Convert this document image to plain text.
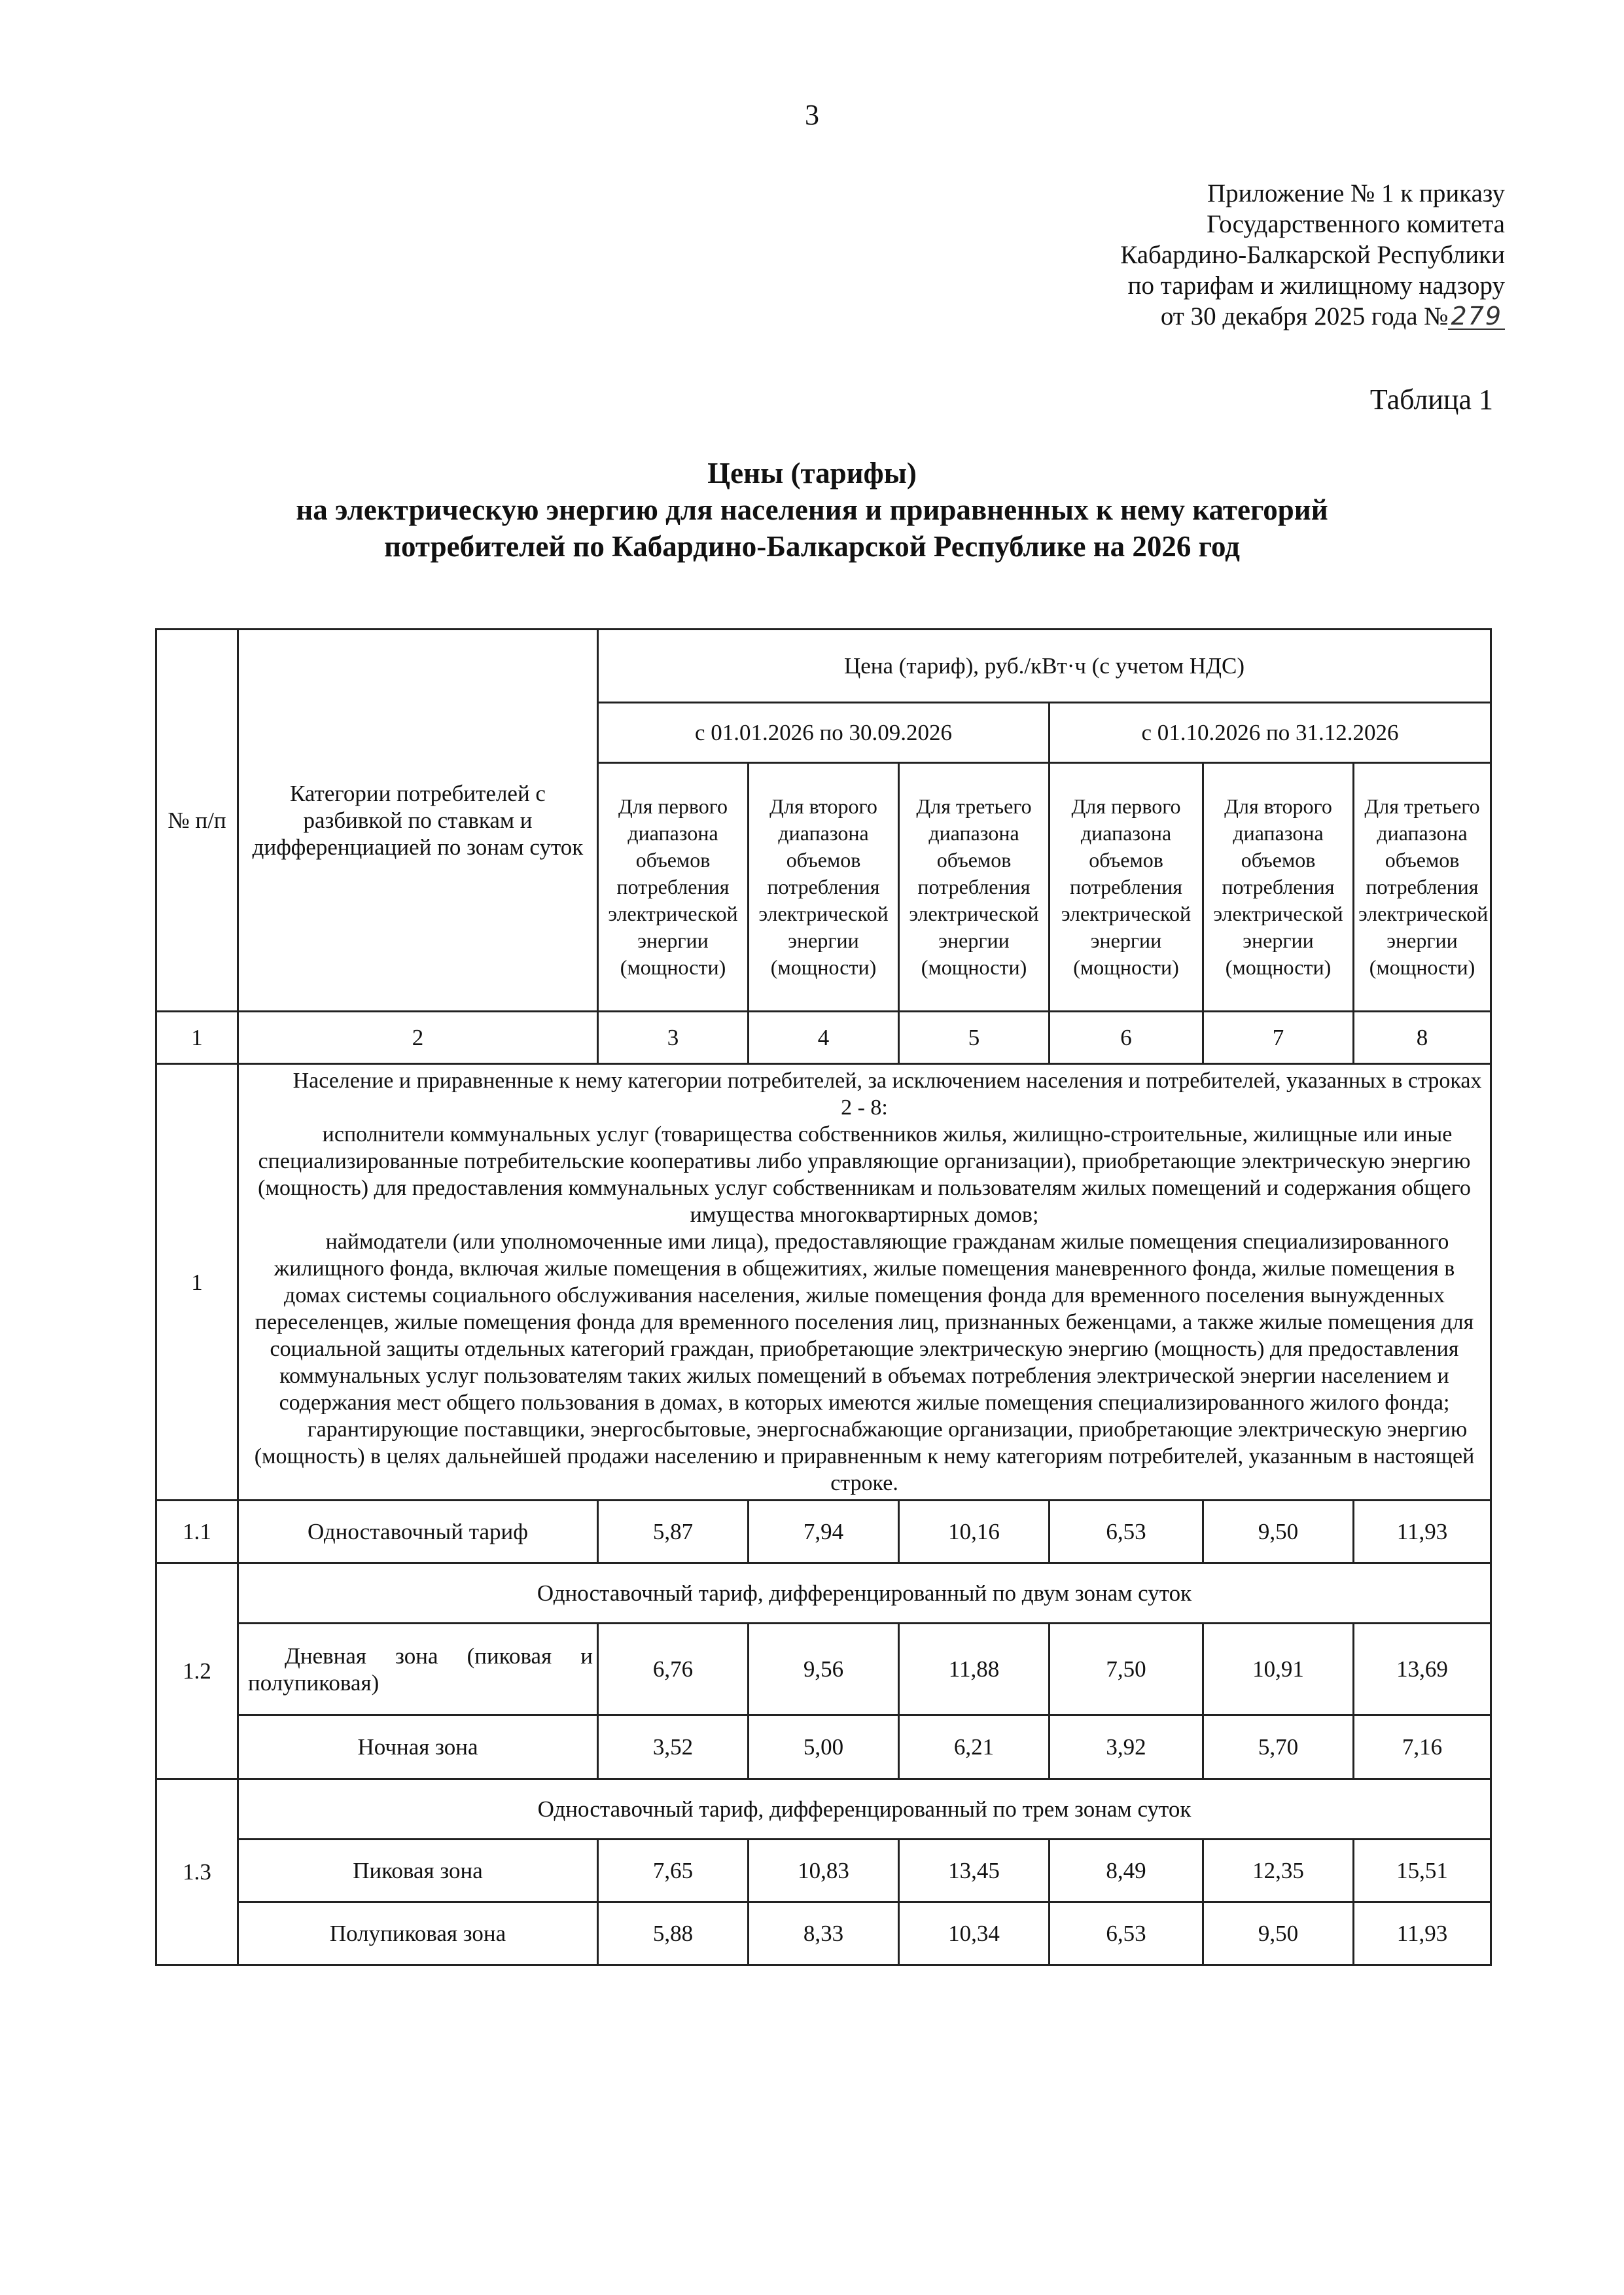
3
Приложение № 1 к приказу
Государственного комитета
Кабардино-Балкарской Республики
по тарифам и жилищному надзору
от 30 декабря 2025 года № 279
Таблица 1
Цены (тарифы)
на электрическую энергию для населения и приравненных к нему категорий
потребителей по Кабардино-Балкарской Республике на 2026 год
№ п/п	Категории потребителей с разбивкой по ставкам и дифференциацией по зонам суток	Цена (тариф), руб./кВт·ч (с учетом НДС)					
		с 01.01.2026 по 30.09.2026			с 01.10.2026 по 31.12.2026		
		Для первого диапазона объемов потребления электрической энергии (мощности)	Для второго диапазона объемов потребления электрической энергии (мощности)	Для третьего диапазона объемов потребления электрической энергии (мощности)	Для первого диапазона объемов потребления электрической энергии (мощности)	Для второго диапазона объемов потребления электрической энергии (мощности)	Для третьего диапазона объемов потребления электрической энергии (мощности)
1	2	3	4	5	6	7	8
1	Население и приравненные к нему категории потребителей, за исключением населения и потребителей, указанных в строках 2 - 8:

исполнители коммунальных услуг (товарищества собственников жилья, жилищно-строительные, жилищные или иные специализированные потребительские кооперативы либо управляющие организации), приобретающие электрическую энергию (мощность) для предоставления коммунальных услуг собственникам и пользователям жилых помещений и содержания общего имущества многоквартирных домов;

наймодатели (или уполномоченные ими лица), предоставляющие гражданам жилые помещения специализированного жилищного фонда, включая жилые помещения в общежитиях, жилые помещения маневренного фонда, жилые помещения в домах системы социального обслуживания населения, жилые помещения фонда для временного поселения вынужденных переселенцев, жилые помещения фонда для временного поселения лиц, признанных беженцами, а также жилые помещения для социальной защиты отдельных категорий граждан, приобретающие электрическую энергию (мощность) для предоставления коммунальных услуг пользователям таких жилых помещений в объемах потребления электрической энергии населением и содержания мест общего пользования в домах, в которых имеются жилые помещения специализированного жилого фонда;

гарантирующие поставщики, энергосбытовые, энергоснабжающие организации, приобретающие электрическую энергию (мощность) в целях дальнейшей продажи населению и приравненным к нему категориям потребителей, указанным в настоящей строке.						

1.1	Одноставочный тариф	5,87	7,94	10,16	6,53	9,50	11,93
1.2	Одноставочный тариф, дифференцированный по двум зонам суток						
	Дневная зона (пиковая и полупиковая)	6,76	9,56	11,88	7,50	10,91	13,69
	Ночная зона	3,52	5,00	6,21	3,92	5,70	7,16
1.3	Одноставочный тариф, дифференцированный по трем зонам суток						
	Пиковая зона	7,65	10,83	13,45	8,49	12,35	15,51
	Полупиковая зона	5,88	8,33	10,34	6,53	9,50	11,93
